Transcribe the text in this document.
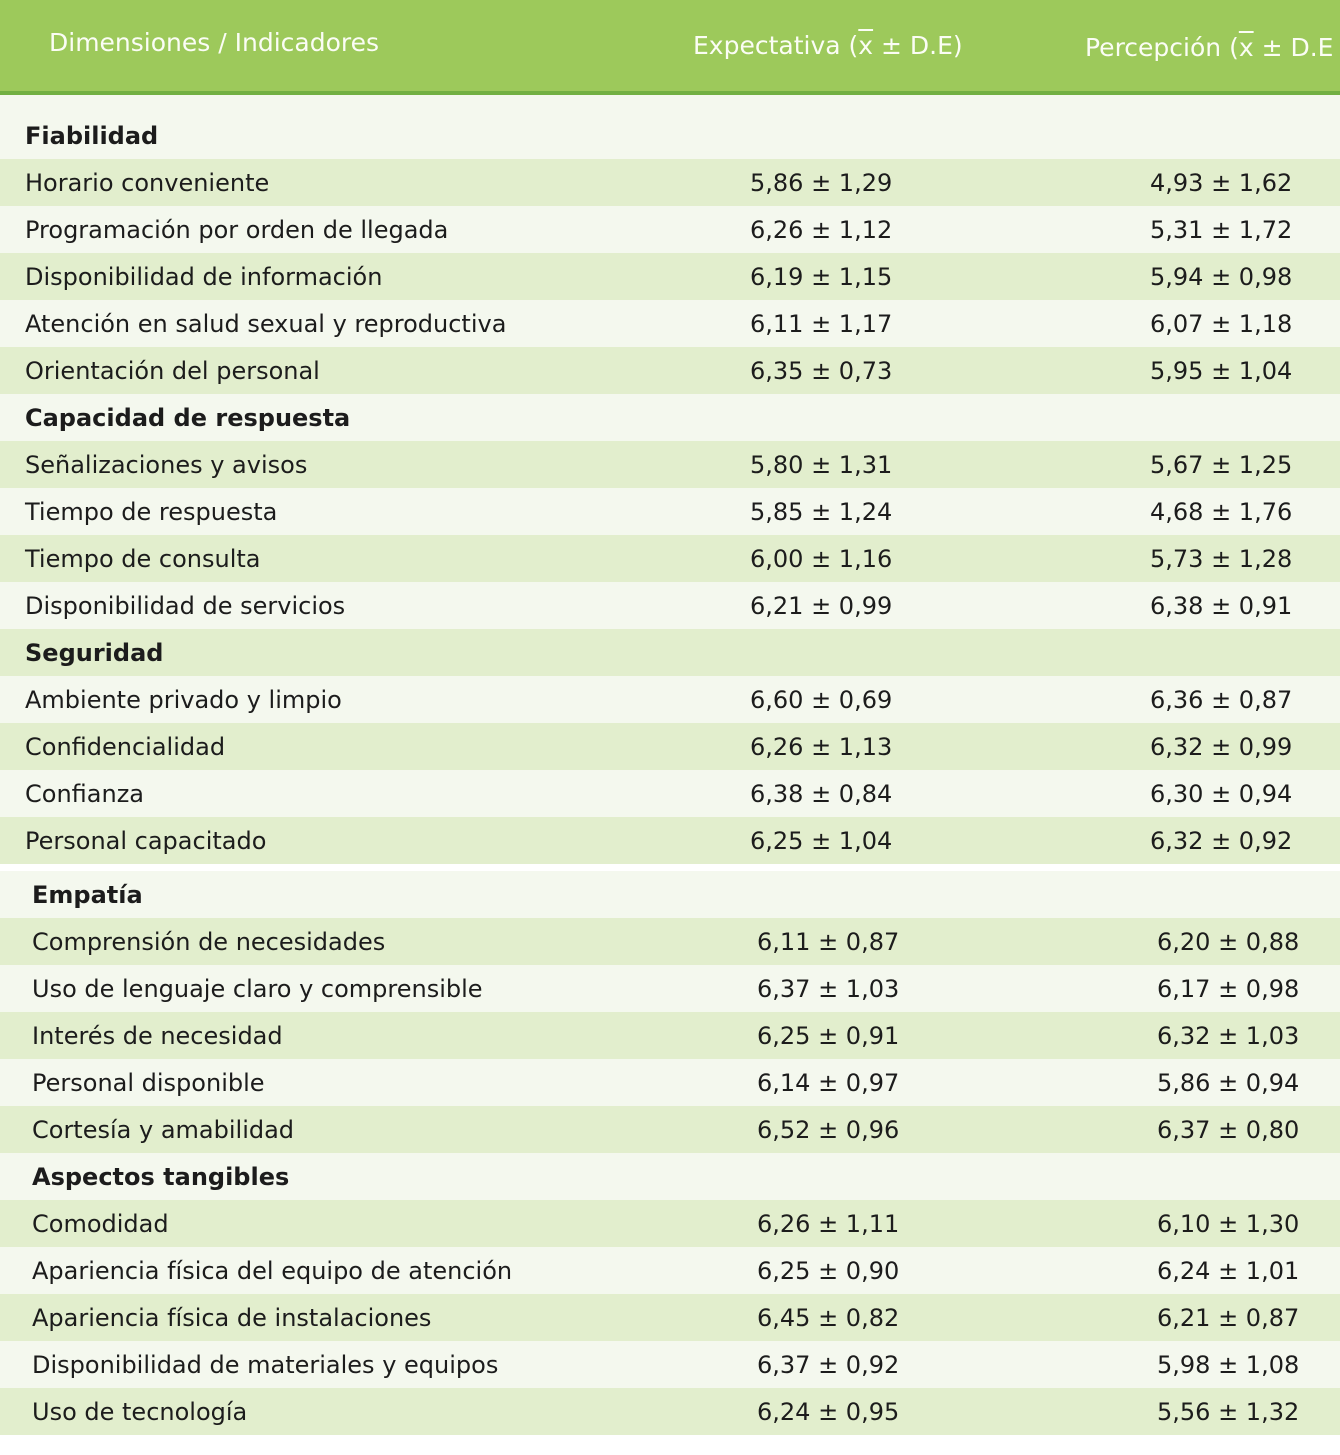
Dimensiones / Indicadores	Expectativa $(\overline{x} \pm D.E)$	Percepción ($\overline{x} \pm D.E$
Fiabilidad
Horario conveniente	5,86 ± 1,29	4,93 ± 1,62
Programación por orden de llegada	6,26 ± 1,12	5,31 ± 1,72
Disponibilidad de información	6,19 ± 1,15	5,94 ± 0,98
Atención en salud sexual y reproductiva	6,11 ± 1,17	6,07 ± 1,18
Orientación del personal	6,35 ± 0,73	5,95 ± 1,04
Capacidad de respuesta
Señalizaciones y avisos	5,80 ± 1,31	5,67 ± 1,25
Tiempo de respuesta	5,85 ± 1,24	4,68 ± 1,76
Tiempo de consulta	6,00 ± 1,16	5,73 ± 1,28
Disponibilidad de servicios	6,21 ± 0,99	6,38 ± 0,91
Seguridad
Ambiente privado y limpio	6,60 ± 0,69	6,36 ± 0,87
Confidencialidad	6,26 ± 1,13	6,32 ± 0,99
Confianza	6,38 ± 0,84	6,30 ± 0,94
Personal capacitado	6,25 ± 1,04	6,32 ± 0,92
Empatía
Comprensión de necesidades	6,11 ± 0,87	6,20 ± 0,88
Uso de lenguaje claro y comprensible	6,37 ± 1,03	6,17 ± 0,98
Interés de necesidad	6,25 ± 0,91	6,32 ± 1,03
Personal disponible	6,14 ± 0,97	5,86 ± 0,94
Cortesía y amabilidad	6,52 ± 0,96	6,37 ± 0,80
Aspectos tangibles
Comodidad	6,26 ± 1,11	6,10 ± 1,30
Apariencia física del equipo de atención	6,25 ± 0,90	6,24 ± 1,01
Apariencia física de instalaciones	6,45 ± 0,82	6,21 ± 0,87
Disponibilidad de materiales y equipos	6,37 ± 0,92	5,98 ± 1,08
Uso de tecnología	6,24 ± 0,95	5,56 ± 1,32
